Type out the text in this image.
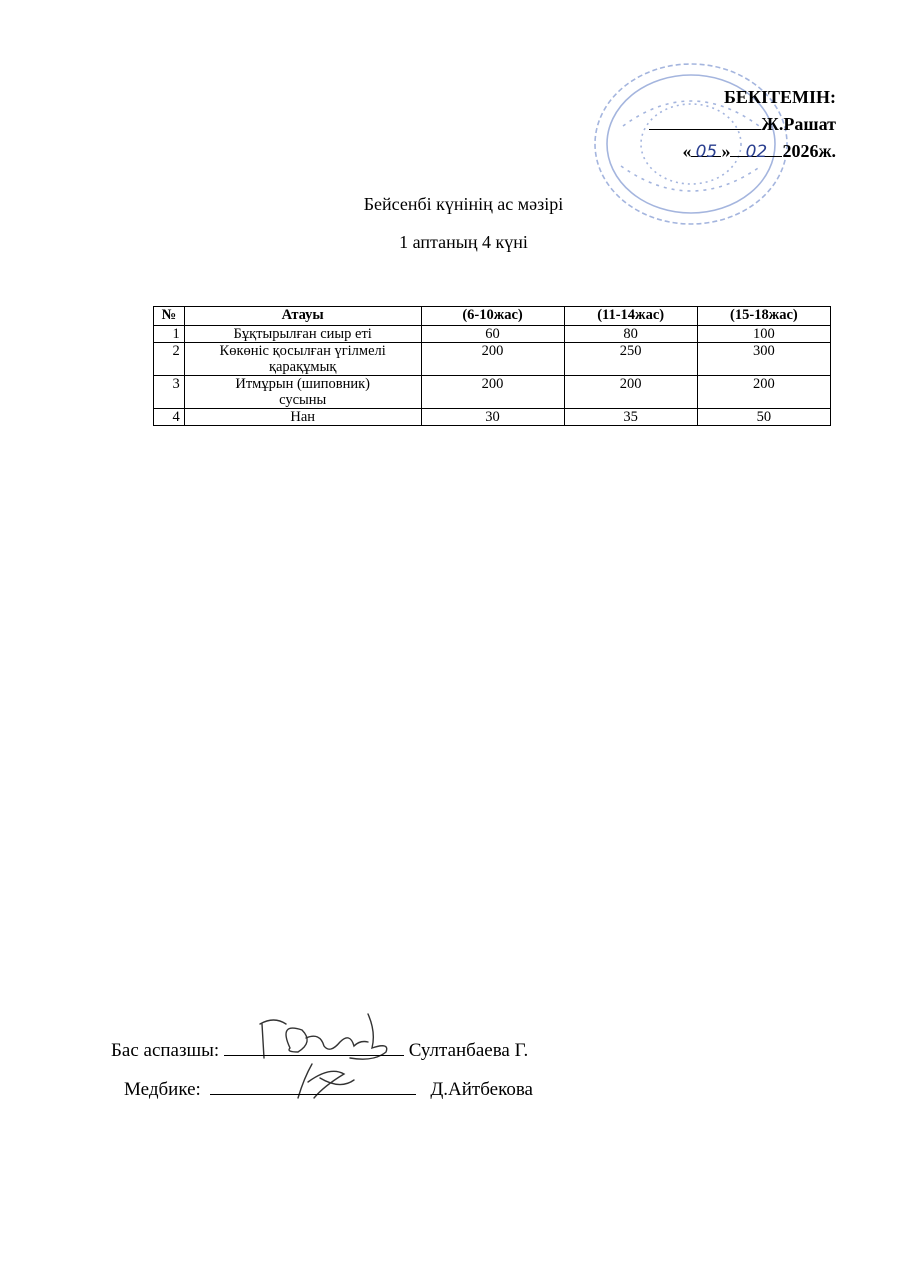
БЕКІТЕМІН:
Ж.Рашат
« 05 » 02 2026ж.
Бейсенбі күнінің ас мәзірі
1 аптаның 4 күні
№	Атауы	(6-10жас)	(11-14жас)	(15-18жас)
1	Бұқтырылған сиыр еті	60	80	100
2	Көкөніс қосылған үгілмелі қарақұмық	200	250	300
3	Итмұрын (шиповник) сусыны	200	200	200
4	Нан	30	35	50
Бас аспазшы:	Султанбаева Г.
Медбике:	Д.Айтбекова
